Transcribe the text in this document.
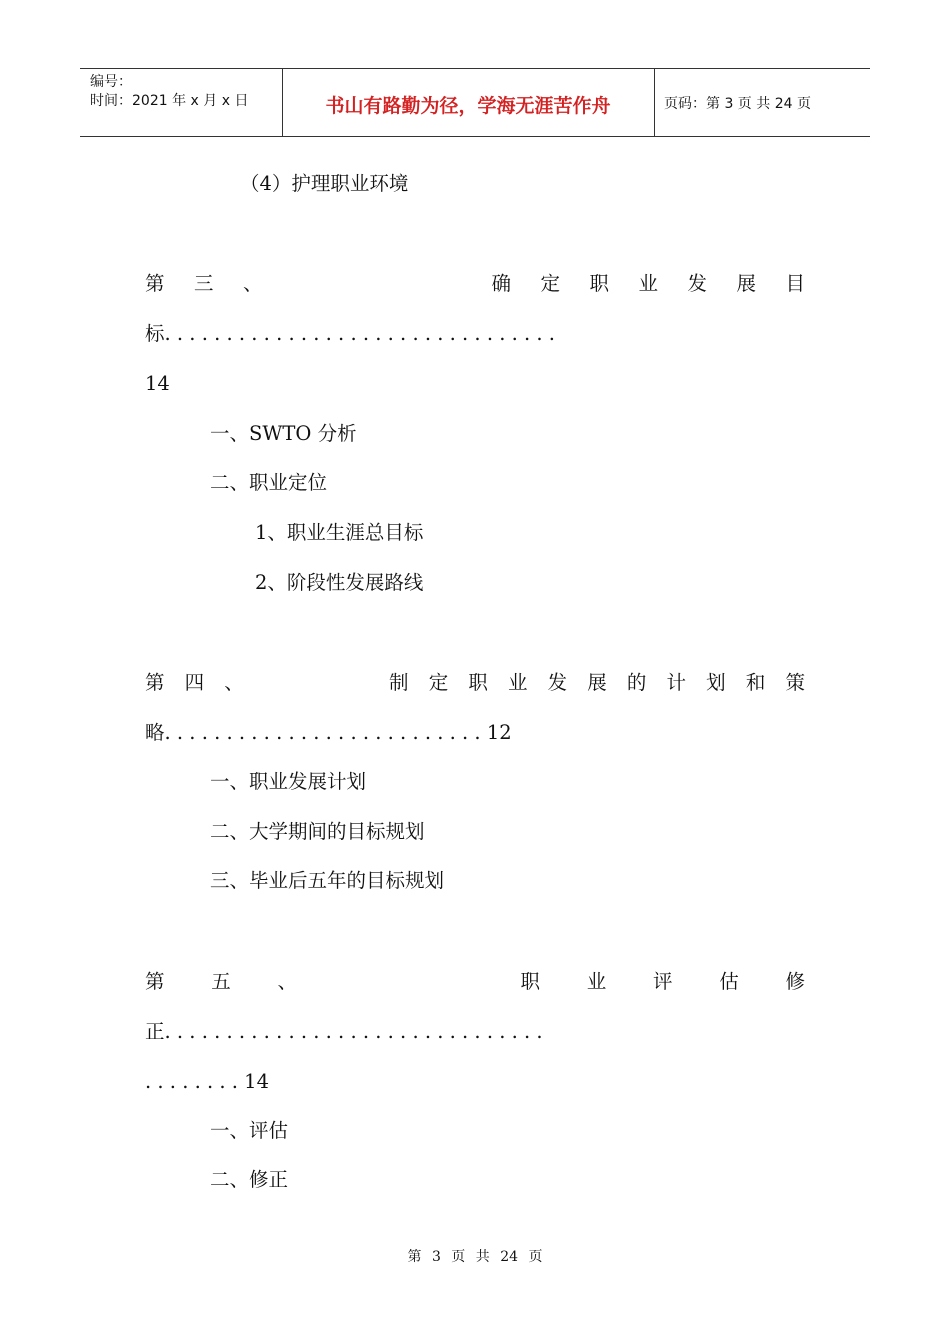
编号：
时间：2021 年 x 月 x 日	书山有路勤为径，学海无涯苦作舟	页码：第 3 页 共 24 页
（4）护理职业环境
第 三 、	确 定 职 业 发 展 目
标. . . . . . . . . . . . . . . . . . . . . . . . . . . . . . . .
14
一、SWTO 分析
二、职业定位
1、职业生涯总目标
2、阶段性发展路线
第 四 、	制 定 职 业 发 展 的 计 划 和 策
略. . . . . . . . . . . . . . . . . . . . . . . . . . 12
一、职业发展计划
二、大学期间的目标规划
三、毕业后五年的目标规划
第 五 、	职 业 评 估 修
正. . . . . . . . . . . . . . . . . . . . . . . . . . . . . . .
. . . . . . . . 14
一、评估
二、修正
第 3 页 共 24 页
